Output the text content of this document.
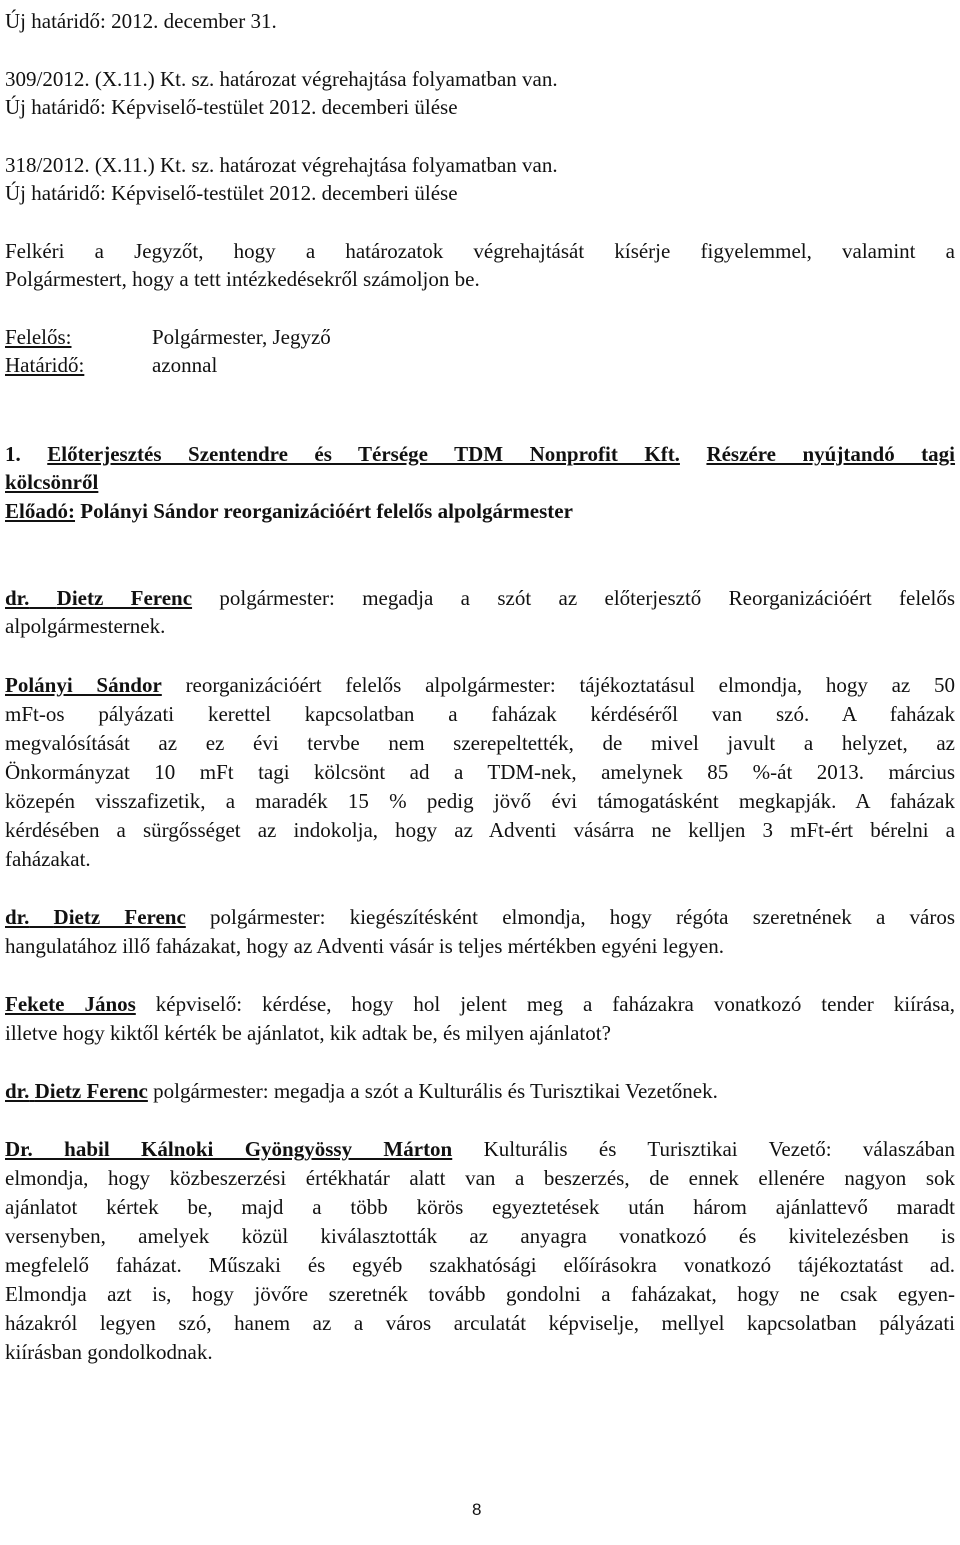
Új határidő: 2012. december 31.
309/2012. (X.11.) Kt. sz. határozat végrehajtása folyamatban van.
Új határidő: Képviselő-testület 2012. decemberi ülése
318/2012. (X.11.) Kt. sz. határozat végrehajtása folyamatban van.
Új határidő: Képviselő-testület 2012. decemberi ülése
Felkéri a Jegyzőt, hogy a határozatok végrehajtását kísérje figyelemmel, valamint a
Polgármestert, hogy a tett intézkedésekről számoljon be.
Felelős:	Polgármester, Jegyző
Határidő:	azonnal
1. Előterjesztés Szentendre és Térsége TDM Nonprofit Kft. Részére nyújtandó tagi
kölcsönről
Előadó: Polányi Sándor reorganizációért felelős alpolgármester
dr. Dietz Ferenc polgármester: megadja a szót az előterjesztő Reorganizációért felelős
alpolgármesternek.
Polányi Sándor reorganizációért felelős alpolgármester: tájékoztatásul elmondja, hogy az 50
mFt-os pályázati kerettel kapcsolatban a faházak kérdéséről van szó. A faházak
megvalósítását az ez évi tervbe nem szerepeltették, de mivel javult a helyzet, az
Önkormányzat 10 mFt tagi kölcsönt ad a TDM-nek, amelynek 85 %-át 2013. március
közepén visszafizetik, a maradék 15 % pedig jövő évi támogatásként megkapják. A faházak
kérdésében a sürgősséget az indokolja, hogy az Adventi vásárra ne kelljen 3 mFt-ért bérelni a
faházakat.
dr. Dietz Ferenc polgármester: kiegészítésként elmondja, hogy régóta szeretnének a város
hangulatához illő faházakat, hogy az Adventi vásár is teljes mértékben egyéni legyen.
Fekete János képviselő: kérdése, hogy hol jelent meg a faházakra vonatkozó tender kiírása,
illetve hogy kiktől kérték be ajánlatot, kik adtak be, és milyen ajánlatot?
dr. Dietz Ferenc polgármester: megadja a szót a Kulturális és Turisztikai Vezetőnek.
Dr. habil Kálnoki Gyöngyössy Márton Kulturális és Turisztikai Vezető: válaszában
elmondja, hogy közbeszerzési értékhatár alatt van a beszerzés, de ennek ellenére nagyon sok
ajánlatot kértek be, majd a több körös egyeztetések után három ajánlattevő maradt
versenyben, amelyek közül kiválasztották az anyagra vonatkozó és kivitelezésben is
megfelelő faházat. Műszaki és egyéb szakhatósági előírásokra vonatkozó tájékoztatást ad.
Elmondja azt is, hogy jövőre szeretnék tovább gondolni a faházakat, hogy ne csak egyen-
házakról legyen szó, hanem az a város arculatát képviselje, mellyel kapcsolatban pályázati
kiírásban gondolkodnak.
8
